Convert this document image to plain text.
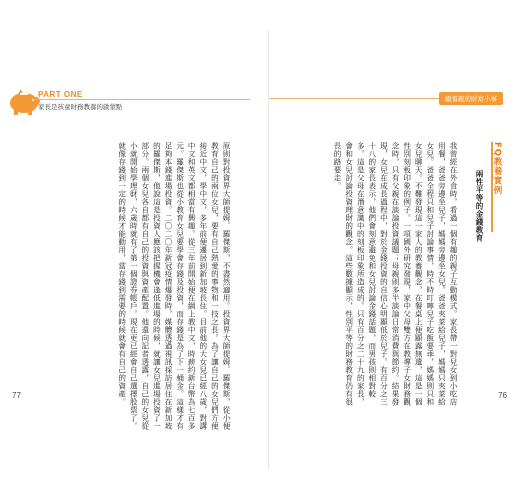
PART ONE
家長是孩童財務教養的啟蒙點
原則對投資界大師提姆．羅傑斯，不盡然適用。投資界大師提姆．羅傑斯，從小便教育自己的兩位女兒，要有自己熱愛的事物和一技之長。為了讓自己的女兒們方便接近中文，學中文，多年前便遷居到新加坡長住。目前他的大女兒已經八歲，對講中文和英文都相當有興趣。從三年前開始便在網上教中文，時薪約新台幣為七百多元。羅傑斯也從小教育女兒要學會存錢及投資，而存錢是為了下一桶金。這樣才有足夠本錢進場投資。二〇二〇年新冠疫情爆發時，媒體透過視訊採訪居住在新加坡的羅傑斯，他說這是投資人應該把握機會逢低進場的時候，就讓女兒進場投資了一部分。兩個女兒各自都有自己的投資與資產配置。他還向記者透露，自己的女兒從小就開始學理財，六歲時就有了第一個證券帳戶。現在更已經會自己選擇股票了。就像存錢到一定的時候才能動用，當存錢到需要的時候就會有自己的資產。
77
顧養親的財富小事
FQ教養實例
兩性平等的金錢教育
我曾經在外食時，看過一個有趣的親子互動模式。家長帶一對兒女到小吃店用餐，爸爸旁邊坐兒子，媽媽旁邊坐女兒。爸爸夾菜給兒子，媽媽只夾菜給女兒。爸爸全程只和兒子討論事情，時不時叮嚀兒子吃飯要乖，媽媽則只和女兒聊天。不難發現這一家人的教養觀念，在餐桌上便顯露無遺，這是一個性別刻板印象的例子。一項國外研究發現，家中父母雙方在教導子女財務觀念時，只有父親在談論投資議題；母親則多半談論日常消費與節約。結果發現，女兒在成長過程中，對於金錢投資的自信心明顯低於兒子。有百分之三十八的家長表示，他們會刻意避免和女兒討論金錢話題，而男孩則相對較多。這是父母在潛意識中的刻板印象所造成的。只有百分之二十九的家長，會和女兒討論投資理財的觀念。這些數據顯示，性別平等的財務教育仍有很長的路要走。
76
